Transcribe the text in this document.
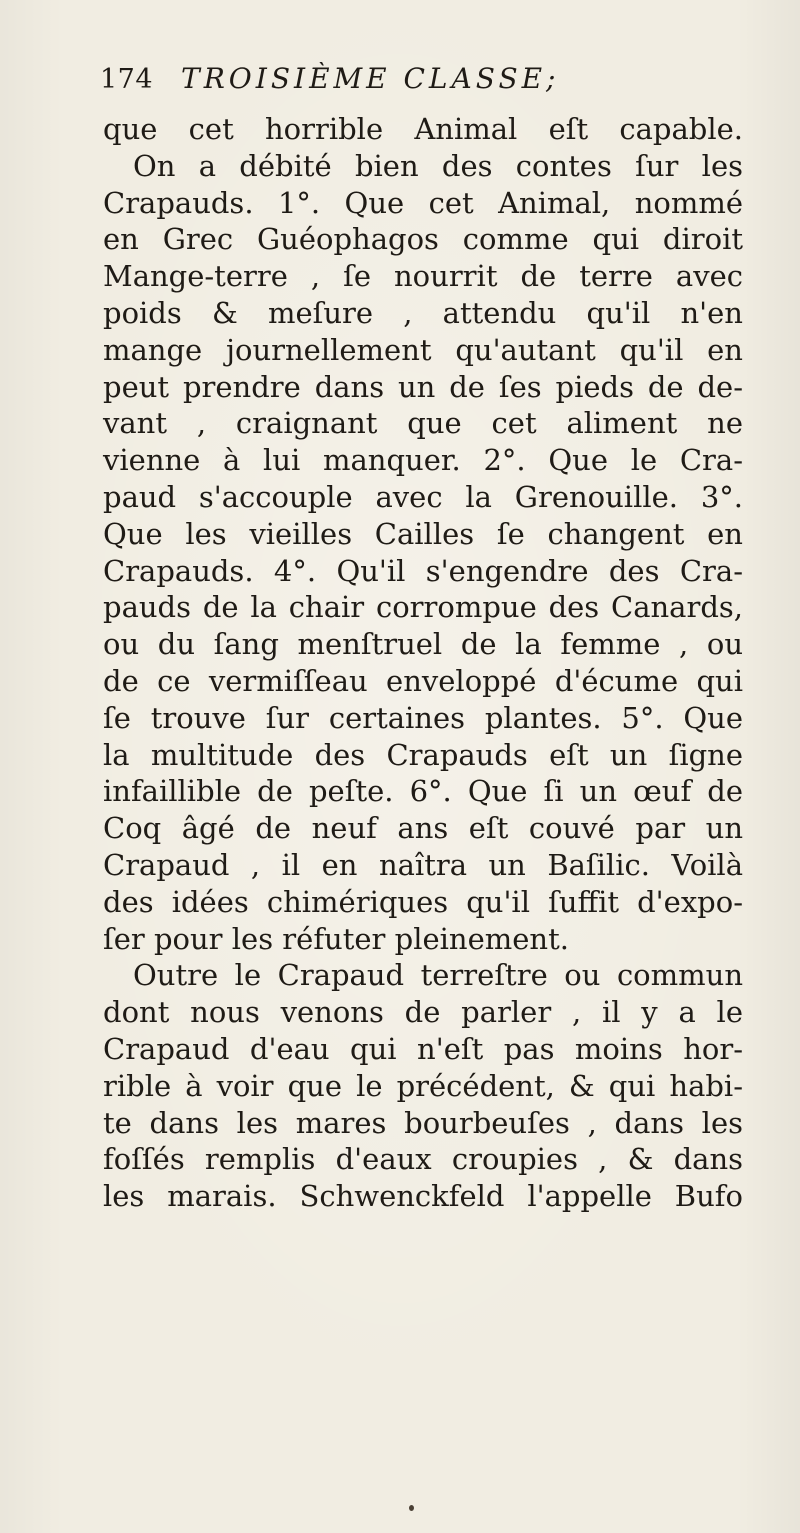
174 TROISIÈME CLASSE;
que cet horrible Animal eſt capable.
On a débité bien des contes ſur les
Crapauds. 1°. Que cet Animal, nommé
en Grec Guéophagos comme qui diroit
Mange-terre , ſe nourrit de terre avec
poids & meſure , attendu qu'il n'en
mange journellement qu'autant qu'il en
peut prendre dans un de ſes pieds de de-
vant , craignant que cet aliment ne
vienne à lui manquer. 2°. Que le Cra-
paud s'accouple avec la Grenouille. 3°.
Que les vieilles Cailles ſe changent en
Crapauds. 4°. Qu'il s'engendre des Cra-
pauds de la chair corrompue des Canards,
ou du ſang menſtruel de la femme , ou
de ce vermiſſeau enveloppé d'écume qui
ſe trouve ſur certaines plantes. 5°. Que
la multitude des Crapauds eſt un ſigne
infaillible de peſte. 6°. Que ſi un œuf de
Coq âgé de neuf ans eſt couvé par un
Crapaud , il en naîtra un Baſilic. Voilà
des idées chimériques qu'il ſuffit d'expo-
ſer pour les réfuter pleinement.
Outre le Crapaud terreſtre ou commun
dont nous venons de parler , il y a le
Crapaud d'eau qui n'eſt pas moins hor-
rible à voir que le précédent, & qui habi-
te dans les mares bourbeuſes , dans les
foſſés remplis d'eaux croupies , & dans
les marais. Schwenckfeld l'appelle Bufo
